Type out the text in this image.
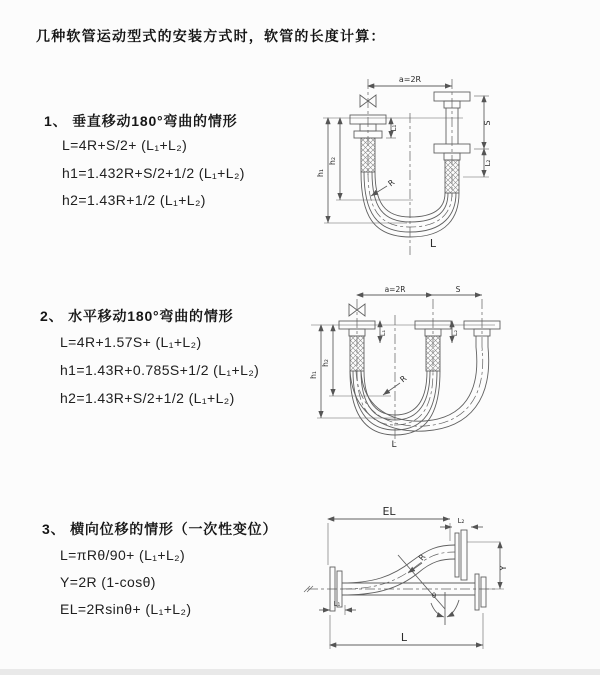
几种软管运动型式的安装方式时，软管的长度计算：
1、 垂直移动180°弯曲的情形
L=4R+S/2+ (L₁+L₂)
h1=1.432R+S/2+1/2 (L₁+L₂)
h2=1.43R+1/2 (L₁+L₂)
2、 水平移动180°弯曲的情形
L=4R+1.57S+ (L₁+L₂)
h1=1.43R+0.785S+1/2 (L₁+L₂)
h2=1.43R+S/2+1/2 (L₁+L₂)
3、 横向位移的情形（一次性变位）
L=πRθ/90+ (L₁+L₂)
Y=2R (1-cosθ)
EL=2Rsinθ+ (L₁+L₂)
a=2R
L₁
S
L₂
h₁
h₂
R
L
a=2R	S
L₁	L₂
h₁
h₂
R
L
EL
L₂
Y
R
θ
L
L₁
